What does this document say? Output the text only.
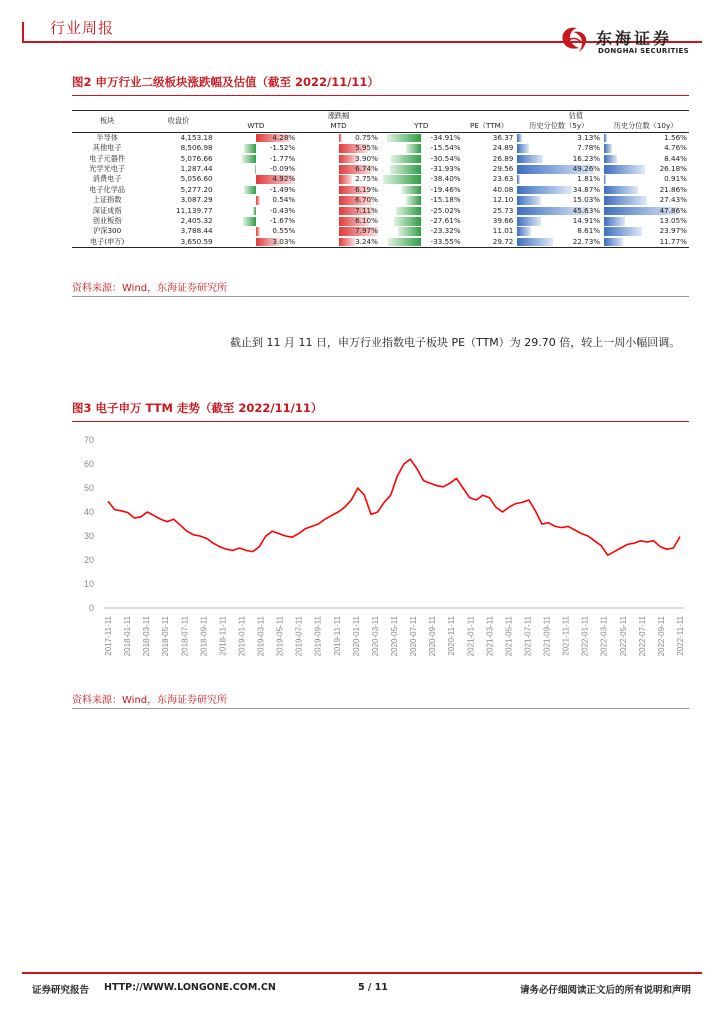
行业周报
东海证券
DONGHAI SECURITIES
图2 申万行业二级板块涨跌幅及估值（截至 2022/11/11）
板块	收盘价	涨跌幅			估值		
		WTD	MTD	YTD	PE（TTM）	历史分位数（5y）	历史分位数（10y）
半导体	4,153.18	4.28%	0.75%	-34.91%	36.37	3.13%	1.56%
其他电子	8,506.98	-1.52%	5.95%	-15.54%	24.89	7.78%	4.76%
电子元器件	5,076.66	-1.77%	3.90%	-30.54%	26.89	16.23%	8.44%
光学光电子	1,287.44	-0.09%	6.74%	-31.93%	29.56	49.26%	26.18%
消费电子	5,056.60	4.92%	2.75%	-38.40%	23.63	1.81%	0.91%
电子化学品	5,277.20	-1.49%	6.19%	-19.46%	40.08	34.87%	21.86%
上证指数	3,087.29	0.54%	6.70%	-15.18%	12.10	15.03%	27.43%
深证成指	11,139.77	-0.43%	7.11%	-25.02%	25.73	45.63%	47.86%
创业板指	2,405.32	-1.67%	6.10%	-27.61%	39.66	14.91%	13.05%
沪深300	3,788.44	0.55%	7.97%	-23.32%	11.01	8.61%	23.97%
电子(申万)	3,650.59	3.03%	3.24%	-33.55%	29.72	22.73%	11.77%
资料来源：Wind，东海证券研究所
截止到 11 月 11 日，申万行业指数电子板块 PE（TTM）为 29.70 倍，较上一周小幅回调。
图3 电子申万 TTM 走势（截至 2022/11/11）
0
10
20
30
40
50
60
70
2017-11-11 2018-01-11 2018-03-11 2018-05-11 2018-07-11 2018-09-11 2018-11-11 2019-01-11 2019-03-11 2019-05-11 2019-07-11 2019-09-11 2019-11-11 2020-01-11 2020-03-11 2020-05-11 2020-07-11 2020-09-11 2020-11-11 2021-01-11 2021-03-11 2021-05-11 2021-07-11 2021-09-11 2021-11-11 2022-01-11 2022-03-11 2022-05-11 2022-07-11 2022-09-11 2022-11-11
资料来源：Wind，东海证券研究所
证券研究报告 HTTP://WWW.LONGONE.COM.CN	5 / 11	请务必仔细阅读正文后的所有说明和声明
